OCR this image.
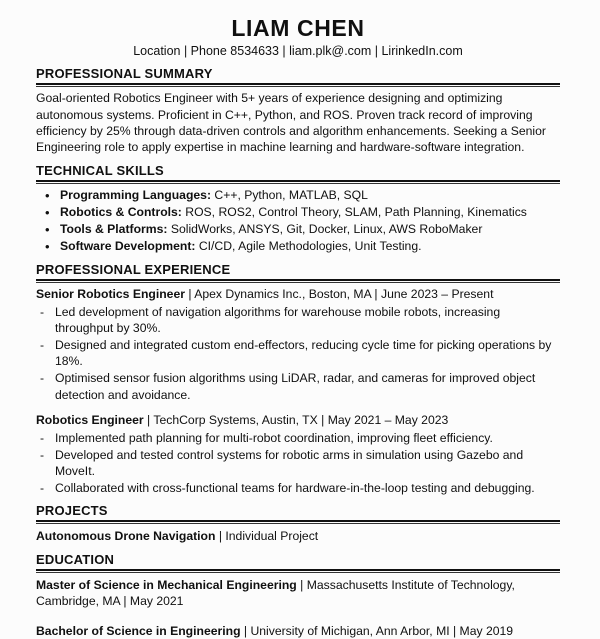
LIAM CHEN
Location | Phone 8534633 | liam.plk@.com | LirinkedIn.com
PROFESSIONAL SUMMARY
Goal-oriented Robotics Engineer with 5+ years of experience designing and optimizing autonomous systems. Proficient in C++, Python, and ROS. Proven track record of improving efficiency by 25% through data-driven controls and algorithm enhancements. Seeking a Senior Engineering role to apply expertise in machine learning and hardware-software integration.
TECHNICAL SKILLS
• Programming Languages: C++, Python, MATLAB, SQL
• Robotics & Controls: ROS, ROS2, Control Theory, SLAM, Path Planning, Kinematics
• Tools & Platforms: SolidWorks, ANSYS, Git, Docker, Linux, AWS RoboMaker
• Software Development: CI/CD, Agile Methodologies, Unit Testing.
PROFESSIONAL EXPERIENCE
Senior Robotics Engineer | Apex Dynamics Inc., Boston, MA | June 2023 – Present
- Led development of navigation algorithms for warehouse mobile robots, increasing throughput by 30%.
- Designed and integrated custom end-effectors, reducing cycle time for picking operations by 18%.
- Optimised sensor fusion algorithms using LiDAR, radar, and cameras for improved object detection and avoidance.
Robotics Engineer | TechCorp Systems, Austin, TX | May 2021 – May 2023
- Implemented path planning for multi-robot coordination, improving fleet efficiency.
- Developed and tested control systems for robotic arms in simulation using Gazebo and MoveIt.
- Collaborated with cross-functional teams for hardware-in-the-loop testing and debugging.
PROJECTS
Autonomous Drone Navigation | Individual Project
EDUCATION
Master of Science in Mechanical Engineering | Massachusetts Institute of Technology, Cambridge, MA | May 2021
Bachelor of Science in Engineering | University of Michigan, Ann Arbor, MI | May 2019
